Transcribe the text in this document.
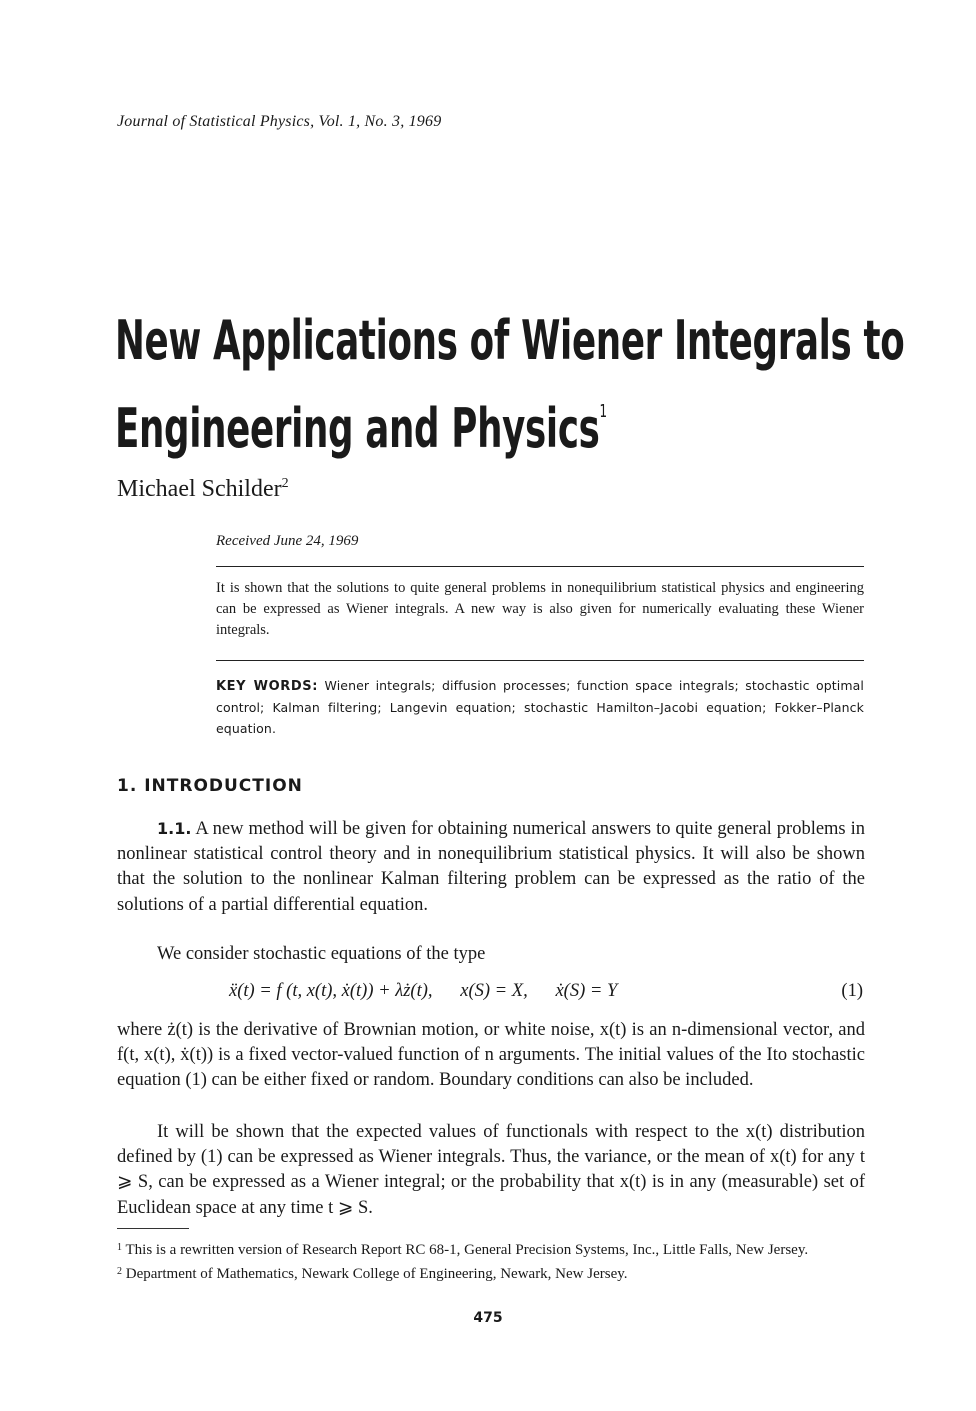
Journal of Statistical Physics, Vol. 1, No. 3, 1969
New Applications of Wiener Integrals to
Engineering and Physics$^1$
Michael Schilder$^2$
Received June 24, 1969
It is shown that the solutions to quite general problems in nonequilibrium statistical physics and engineering can be expressed as Wiener integrals. A new way is also given for numerically evaluating these Wiener integrals.
KEY WORDS: Wiener integrals; diffusion processes; function space integrals; stochastic optimal control; Kalman filtering; Langevin equation; stochastic Hamilton–Jacobi equation; Fokker–Planck equation.
1. INTRODUCTION

1.1. A new method will be given for obtaining numerical answers to quite general problems in nonlinear statistical control theory and in nonequilibrium statistical physics. It will also be shown that the solution to the nonlinear Kalman filtering problem can be expressed as the ratio of the solutions of a partial differential equation.

We consider stochastic equations of the type

ẍ(t) = f (t, x(t), ẋ(t)) + λż(t),      x(S) = X,      ẋ(S) = Y	(1)

where ż(t) is the derivative of Brownian motion, or white noise, x(t) is an n-dimensional vector, and f(t, x(t), ẋ(t)) is a fixed vector-valued function of n arguments. The initial values of the Ito stochastic equation (1) can be either fixed or random. Boundary conditions can also be included.

It will be shown that the expected values of functionals with respect to the x(t) distribution defined by (1) can be expressed as Wiener integrals. Thus, the variance, or the mean of x(t) for any t ⩾ S, can be expressed as a Wiener integral; or the probability that x(t) is in any (measurable) set of Euclidean space at any time t ⩾ S.

$^1$ This is a rewritten version of Research Report RC 68-1, General Precision Systems, Inc., Little Falls, New Jersey.

$^2$ Department of Mathematics, Newark College of Engineering, Newark, New Jersey.

475
